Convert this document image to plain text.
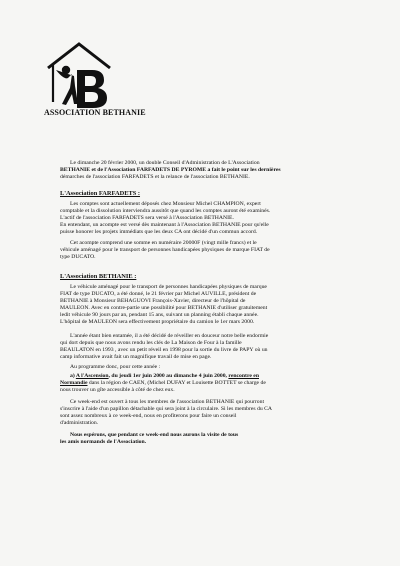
ASSOCIATION BETHANIE

Le dimanche 20 février 2000, un double Conseil d'Administration de L'Association

BETHANIE et de l'Association FARFADETS DE PYROME a fait le point sur les dernières

démarches de l'association FARFADETS et la relance de l'association BETHANIE.

L'Association FARFADETS :

Les comptes sont actuellement déposés chez Monsieur Michel CHAMPION, expert

comptable et la dissolution interviendra aussitôt que quand les comptes auront été examinés.

L'actif de l'association FARFADETS sera versé à l'Association BETHANIE.

En entendant, un acompte est versé dès maintenant à l'Association BETHANIE pour qu'elle

puisse honorer les projets immédiats que les deux CA ont décidé d'un commun accord.

Cet acompte comprend une somme en numéraire 20000F (vingt mille francs) et le

véhicule aménagé pour le transport de personnes handicapées physiques de marque FIAT de

type DUCATO.

L'Association BETHANIE :

Le véhicule aménagé pour le transport de personnes handicapées physiques de marque

FIAT de type DUCATO, a été donné, le 21 février par Michel AUVILLE, président de

BETHANIE à Monsieur BEHAGUOVI François-Xavier, directeur de l'hôpital de

MAULEON. Avec en contre-partie une possibilité pour BETHANIE d'utiliser gratuitement

ledit véhicule 90 jours par an, pendant 15 ans, suivant un planning établi chaque année.

L'hôpital de MAULEON sera effectivement propriétaire du camion le 1er mars 2000.

L'année étant bien entamée, il a été décidé de réveiller en douceur notre belle endormie

qui dort depuis que nous avons rendu les clés de La Maison de Four à la famille

BEAULATON en 1993 , avec un petit réveil en 1998 pour la sortie du livre de PAPY où un

camp informative avait fait un magnifique travail de mise en page.

Au programme donc, pour cette année :

a) A l'Ascension, du jeudi 1er juin 2000 au dimanche 4 juin 2000, rencontre en

Normandie dans la région de CAEN, (Michel DUFAY et Louisette BOTTET se charge de

nous trouver un gîte accessible à côté de chez eux.

Ce week-end est ouvert à tous les membres de l'association BETHANIE qui pourront

s'inscrire à l'aide d'un papillon détachable qui sera joint à la circulaire. Si les membres du CA

sont assez nombreux à ce week-end, nous en profiterons pour faire un conseil

d'administration.

Nous espérons, que pendant ce week-end nous aurons la visite de tous

les amis normands de l'Association.
